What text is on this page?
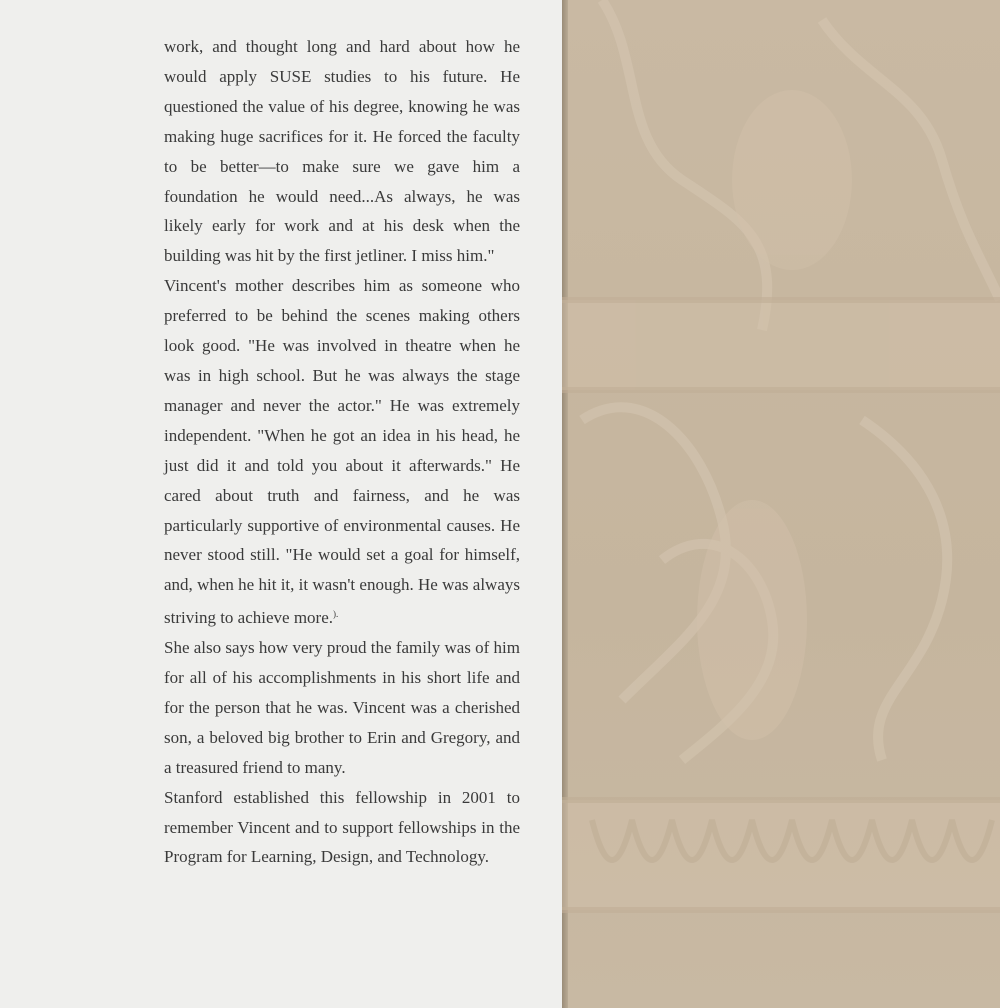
work, and thought long and hard about how he would apply SUSE studies to his future. He questioned the value of his degree, knowing he was making huge sacrifices for it. He forced the faculty to be better—to make sure we gave him a foundation he would need...As always, he was likely early for work and at his desk when the building was hit by the first jetliner. I miss him."

Vincent's mother describes him as someone who preferred to be behind the scenes making others look good. "He was involved in theatre when he was in high school. But he was always the stage manager and never the actor." He was extremely independent. "When he got an idea in his head, he just did it and told you about it afterwards." He cared about truth and fairness, and he was particularly supportive of environmental causes. He never stood still. "He would set a goal for himself, and, when he hit it, it wasn't enough. He was always striving to achieve more.).

She also says how very proud the family was of him for all of his accomplishments in his short life and for the person that he was. Vincent was a cherished son, a beloved big brother to Erin and Gregory, and a treasured friend to many.

Stanford established this fellowship in 2001 to remember Vincent and to support fellowships in the Program for Learning, Design, and Technology.
